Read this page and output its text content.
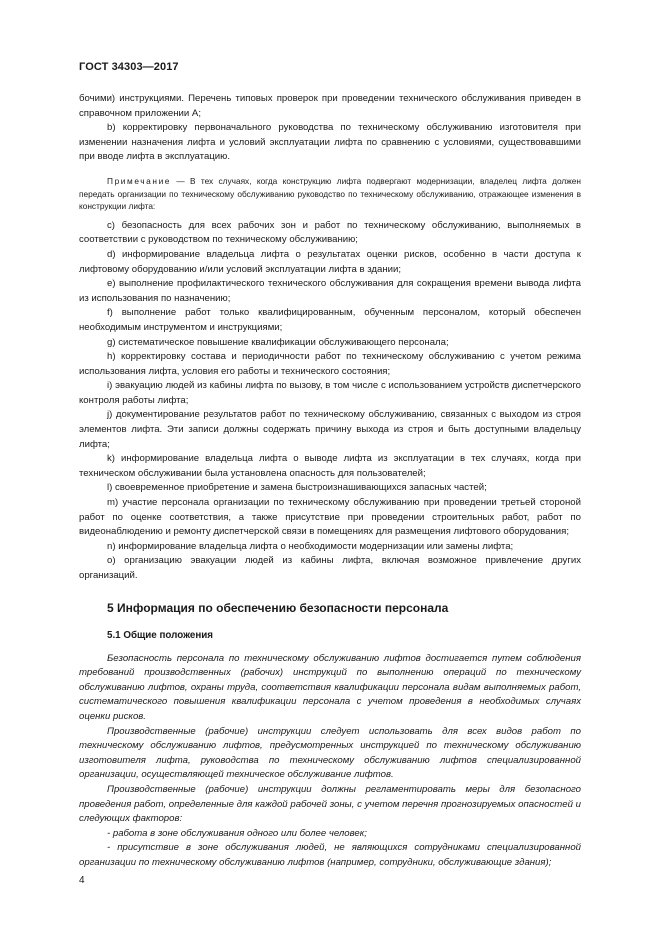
ГОСТ 34303—2017

бочими) инструкциями. Перечень типовых проверок при проведении технического обслуживания приведен в справочном приложении А;

b) корректировку первоначального руководства по техническому обслуживанию изготовителя при изменении назначения лифта и условий эксплуатации лифта по сравнению с условиями, существовавшими при вводе лифта в эксплуатацию.

Примечание — В тех случаях, когда конструкцию лифта подвергают модернизации, владелец лифта должен передать организации по техническому обслуживанию руководство по техническому обслуживанию, отражающее изменения в конструкции лифта:

c) безопасность для всех рабочих зон и работ по техническому обслуживанию, выполняемых в соответствии с руководством по техническому обслуживанию;

d) информирование владельца лифта о результатах оценки рисков, особенно в части доступа к лифтовому оборудованию и/или условий эксплуатации лифта в здании;

e) выполнение профилактического технического обслуживания для сокращения времени вывода лифта из использования по назначению;

f) выполнение работ только квалифицированным, обученным персоналом, который обеспечен необходимым инструментом и инструкциями;

g) систематическое повышение квалификации обслуживающего персонала;

h) корректировку состава и периодичности работ по техническому обслуживанию с учетом режима использования лифта, условия его работы и технического состояния;

i) эвакуацию людей из кабины лифта по вызову, в том числе с использованием устройств диспетчерского контроля работы лифта;

j) документирование результатов работ по техническому обслуживанию, связанных с выходом из строя элементов лифта. Эти записи должны содержать причину выхода из строя и быть доступными владельцу лифта;

k) информирование владельца лифта о выводе лифта из эксплуатации в тех случаях, когда при техническом обслуживании была установлена опасность для пользователей;

l) своевременное приобретение и замена быстроизнашивающихся запасных частей;

m) участие персонала организации по техническому обслуживанию при проведении третьей стороной работ по оценке соответствия, а также присутствие при проведении строительных работ, работ по видеонаблюдению и ремонту диспетчерской связи в помещениях для размещения лифтового оборудования;

n) информирование владельца лифта о необходимости модернизации или замены лифта;

o) организацию эвакуации людей из кабины лифта, включая возможное привлечение других организаций.

5 Информация по обеспечению безопасности персонала

5.1 Общие положения

Безопасность персонала по техническому обслуживанию лифтов достигается путем соблюдения требований производственных (рабочих) инструкций по выполнению операций по техническому обслуживанию лифтов, охраны труда, соответствия квалификации персонала видам выполняемых работ, систематического повышения квалификации персонала с учетом проведения в необходимых случаях оценки рисков.

Производственные (рабочие) инструкции следует использовать для всех видов работ по техническому обслуживанию лифтов, предусмотренных инструкцией по техническому обслуживанию изготовителя лифта, руководства по техническому обслуживанию лифтов специализированной организации, осуществляющей техническое обслуживание лифтов.

Производственные (рабочие) инструкции должны регламентировать меры для безопасного проведения работ, определенные для каждой рабочей зоны, с учетом перечня прогнозируемых опасностей и следующих факторов:

- работа в зоне обслуживания одного или более человек;

- присутствие в зоне обслуживания людей, не являющихся сотрудниками специализированной организации по техническому обслуживанию лифтов (например, сотрудники, обслуживающие здания);

4
